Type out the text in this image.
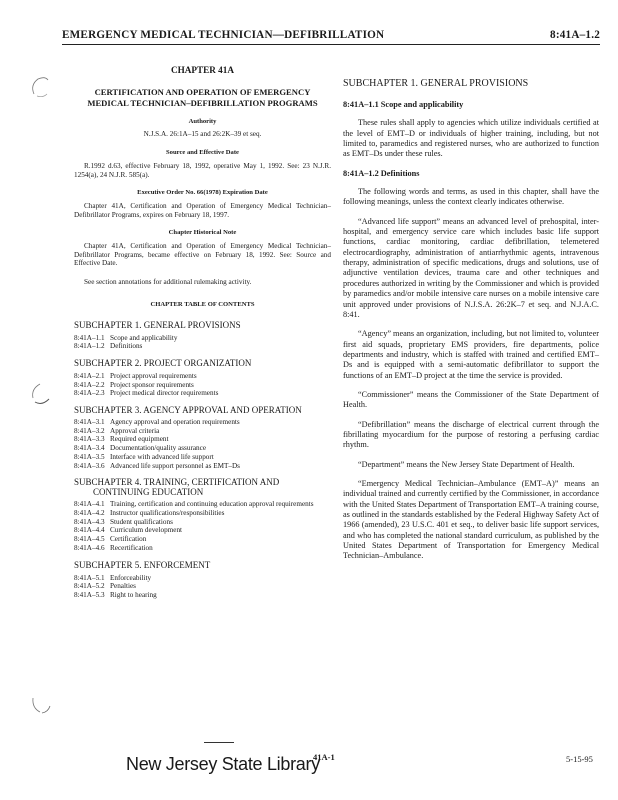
EMERGENCY MEDICAL TECHNICIAN—DEFIBRILLATION	8:41A–1.2
CHAPTER 41A
CERTIFICATION AND OPERATION OF EMERGENCY MEDICAL TECHNICIAN–DEFIBRILLATION PROGRAMS
Authority
N.J.S.A. 26:1A–15 and 26:2K–39 et seq.
Source and Effective Date
R.1992 d.63, effective February 18, 1992, operative May 1, 1992. See: 23 N.J.R. 1254(a), 24 N.J.R. 585(a).
Executive Order No. 66(1978) Expiration Date
Chapter 41A, Certification and Operation of Emergency Medical Technician–Defibrillator Programs, expires on February 18, 1997.
Chapter Historical Note
Chapter 41A, Certification and Operation of Emergency Medical Technician–Defibrillator Programs, became effective on February 18, 1992. See: Source and Effective Date.
See section annotations for additional rulemaking activity.
CHAPTER TABLE OF CONTENTS
SUBCHAPTER 1. GENERAL PROVISIONS
8:41A–1.1 Scope and applicability
8:41A–1.2 Definitions
SUBCHAPTER 2. PROJECT ORGANIZATION
8:41A–2.1 Project approval requirements
8:41A–2.2 Project sponsor requirements
8:41A–2.3 Project medical director requirements
SUBCHAPTER 3. AGENCY APPROVAL AND OPERATION
8:41A–3.1 Agency approval and operation requirements
8:41A–3.2 Approval criteria
8:41A–3.3 Required equipment
8:41A–3.4 Documentation/quality assurance
8:41A–3.5 Interface with advanced life support
8:41A–3.6 Advanced life support personnel as EMT–Ds
SUBCHAPTER 4. TRAINING, CERTIFICATION AND CONTINUING EDUCATION
8:41A–4.1 Training, certification and continuing education approval requirements
8:41A–4.2 Instructor qualifications/responsibilities
8:41A–4.3 Student qualifications
8:41A–4.4 Curriculum development
8:41A–4.5 Certification
8:41A–4.6 Recertification
SUBCHAPTER 5. ENFORCEMENT
8:41A–5.1 Enforceability
8:41A–5.2 Penalties
8:41A–5.3 Right to hearing
SUBCHAPTER 1. GENERAL PROVISIONS
8:41A–1.1 Scope and applicability
These rules shall apply to agencies which utilize individuals certified at the level of EMT–D or individuals of higher training, including, but not limited to, paramedics and registered nurses, who are authorized to function as EMT–Ds under these rules.
8:41A–1.2 Definitions
The following words and terms, as used in this chapter, shall have the following meanings, unless the context clearly indicates otherwise.
“Advanced life support” means an advanced level of prehospital, inter-hospital, and emergency service care which includes basic life support functions, cardiac monitoring, cardiac defibrillation, telemetered electrocardiography, administration of antiarrhythmic agents, intravenous therapy, administration of specific medications, drugs and solutions, use of adjunctive ventilation devices, trauma care and other techniques and procedures authorized in writing by the Commissioner and which is provided by paramedics and/or mobile intensive care nurses on a mobile intensive care unit approved under provisions of N.J.S.A. 26:2K–7 et seq. and N.J.A.C. 8:41.
“Agency” means an organization, including, but not limited to, volunteer first aid squads, proprietary EMS providers, fire departments, police departments and industry, which is staffed with trained and certified EMT–Ds and is equipped with a semi-automatic defibrillator to support the functions of an EMT–D project at the time the service is provided.
“Commissioner” means the Commissioner of the State Department of Health.
“Defibrillation” means the discharge of electrical current through the fibrillating myocardium for the purpose of restoring a perfusing cardiac rhythm.
“Department” means the New Jersey State Department of Health.
“Emergency Medical Technician–Ambulance (EMT–A)” means an individual trained and currently certified by the Commissioner, in accordance with the United States Department of Transportation EMT–A training course, as outlined in the standards established by the Federal Highway Safety Act of 1966 (amended), 23 U.S.C. 401 et seq., to deliver basic life support services, and who has completed the national standard curriculum, as published by the United States Department of Transportation for Emergency Medical Technician–Ambulance.
New Jersey State Library
41A-1	5-15-95
